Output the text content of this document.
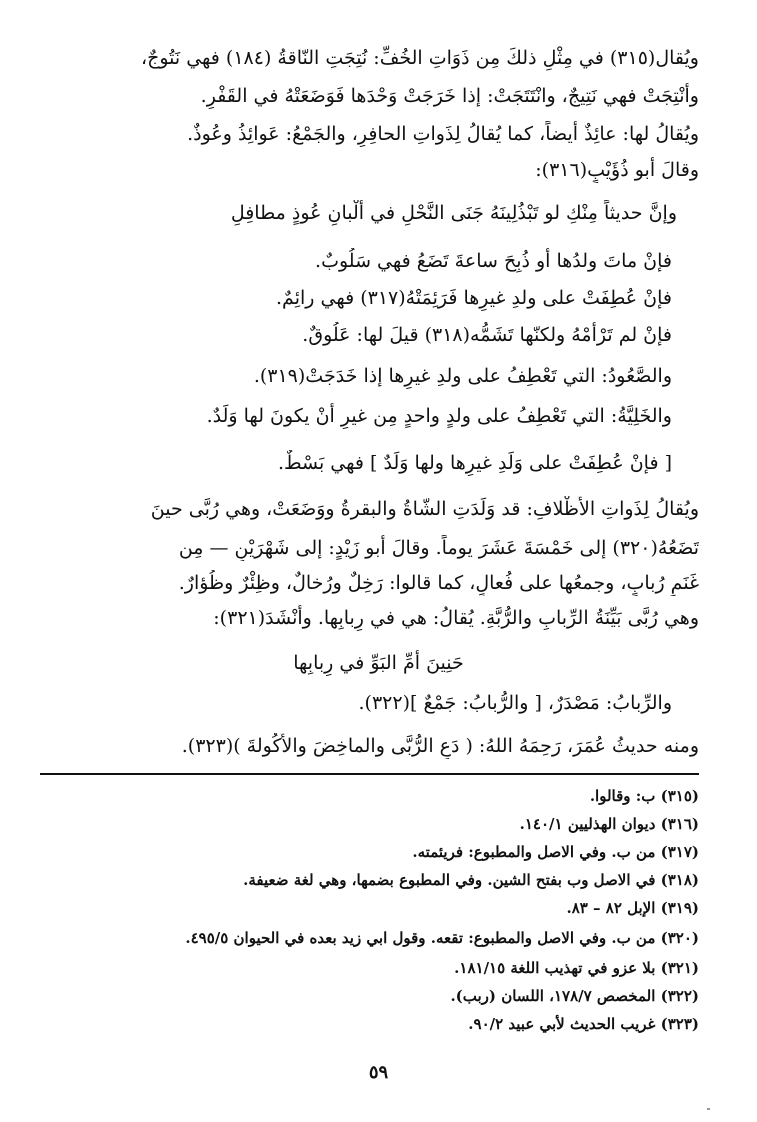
ويُقال(٣١٥) في مِثْلِ ذلكَ مِن ذَوَاتِ الخُفِّ: نُتِجَتِ النّاقةُ (١٨٤) فهي نَتُوجٌ،
وأُنْتِجَتْ فهي نَتِيجٌ، وانْتَتَجَتْ: إذا خَرَجَتْ وَحْدَها فَوَضَعَتْهُ في القَفْرِ.
ويُقالُ لها: عائِذٌ أيضاً، كما يُقالُ لِذَواتِ الحافِرِ، والجَمْعُ: عَوائِذُ وعُوذٌ.
وقالَ أبو ذُؤَيْبٍ(٣١٦):
وإنَّ حديثاً مِنْكِ لو تَبْذُلِينَهُ جَنَى النَّحْلِ في أَلْبانِ عُوذٍ مطافِلِ
فإنْ ماتَ ولدُها أو ذُبِحَ ساعةَ تَضَعُ فهي سَلُوبٌ.
فإنْ عُطِفَتْ على ولدِ غيرِها فَرَئِمَتْهُ(٣١٧) فهي رائِمٌ.
فإنْ لم تَرْأَمْهُ ولكنّها تَشَمُّه(٣١٨) قيلَ لها: عَلُوقٌ.
والصَّعُودُ: التي تَعْطِفُ على ولدِ غيرِها إذا خَدَجَتْ(٣١٩).
والخَلِيَّةُ: التي تَعْطِفُ على ولدٍ واحدٍ مِن غيرِ أنْ يكونَ لها وَلَدٌ.
[ فإنْ عُطِفَتْ على وَلَدِ غيرِها ولها وَلَدٌ ] فهي بَسْطٌ.
ويُقالُ لِذَواتِ الأَظْلافِ: قد وَلَدَتِ الشّاةُ والبقرةُ ووَضَعَتْ، وهي رُبَّى حينَ
تَضَعُهُ(٣٢٠) إلى خَمْسَةَ عَشَرَ يوماً. وقالَ أبو زَيْدٍ: إلى شَهْرَيْنِ — مِن
غَنَمٍ رُبابٍ، وجمعُها على فُعالٍ، كما قالوا: رَخِلٌ ورُخالٌ، وظِئْرٌ وظُؤارٌ.
وهي رُبَّى بَيِّنَةُ الرِّبابِ والرُّبَّةِ. يُقالُ: هي في رِبابِها. وأَنْشَدَ(٣٢١):
حَنِينَ أُمِّ البَوِّ في رِبابِها
والرِّبابُ: مَصْدَرٌ، [ والرُّبابُ: جَمْعٌ ](٣٢٢).
ومنه حديثُ عُمَرَ، رَحِمَهُ اللهُ: ( دَعِ الرُّبَّى والماخِضَ والأَكُولةَ )(٣٢٣).
(٣١٥) ب: وقالوا.
(٣١٦) ديوان الهذليين ١٤٠/١.
(٣١٧) من ب. وفي الاصل والمطبوع: فريئمته.
(٣١٨) في الاصل وب بفتح الشين. وفي المطبوع بضمها، وهي لغة ضعيفة.
(٣١٩) الإبل ٨٢ – ٨٣.
(٣٢٠) من ب. وفي الاصل والمطبوع: تقعه. وقول ابي زيد بعده في الحيوان ٤٩٥/٥.
(٣٢١) بلا عزو في تهذيب اللغة ١٨١/١٥.
(٣٢٢) المخصص ١٧٨/٧، اللسان (ربب).
(٣٢٣) غريب الحديث لأبي عبيد ٩٠/٢.
٥٩
